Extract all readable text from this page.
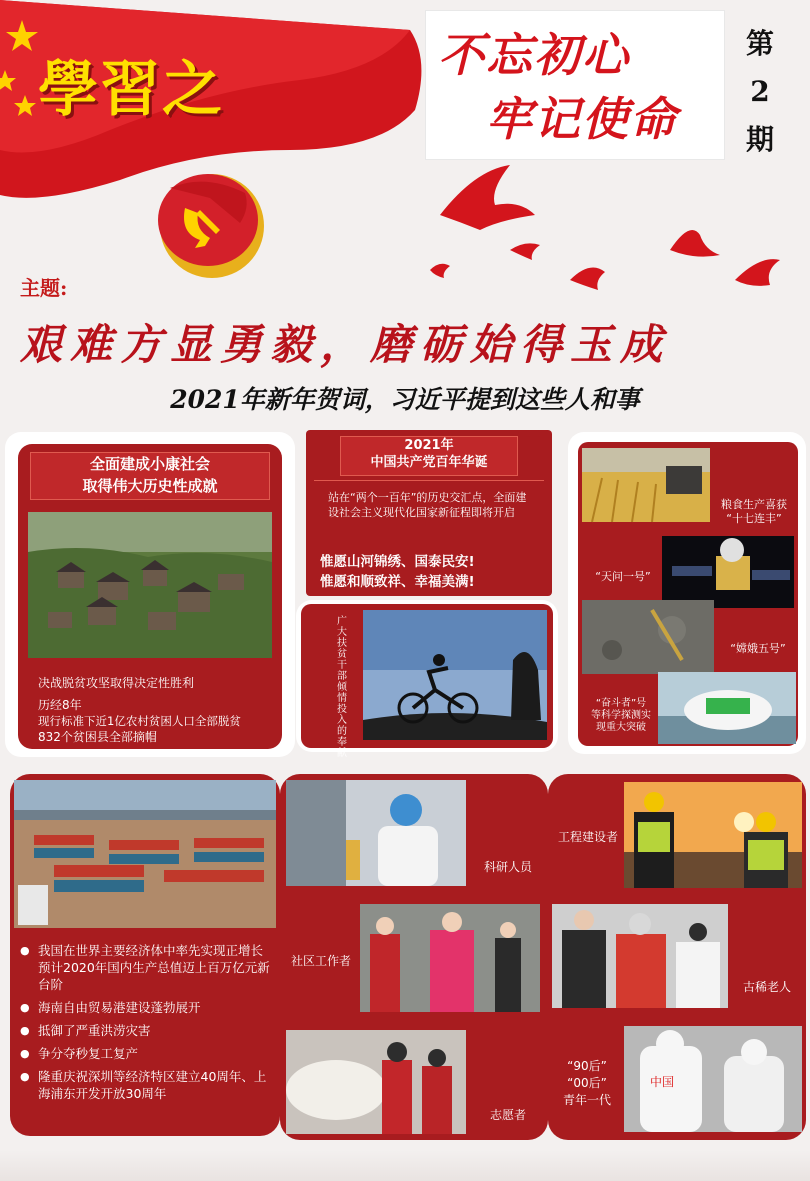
學習之	不忘初心
牢记使命
第
2
期
主题:
艰难方显勇毅，磨砺始得玉成
2021年新年贺词，习近平提到这些人和事
全面建成小康社会
取得伟大历史性成就
决战脱贫攻坚取得决定性胜利
历经8年
现行标准下近1亿农村贫困人口全部脱贫
832个贫困县全部摘帽
2021年
中国共产党百年华诞
站在“两个一百年”的历史交汇点，全面建设社会主义现代化国家新征程即将开启
惟愿山河锦绣、国泰民安!
惟愿和顺致祥、幸福美满!
广大扶贫干部倾情投入的奉献
粮食生产喜获
“十七连丰”
“天问一号”
“嫦娥五号”
“奋斗者”号
等科学探测实
现重大突破
● 我国在世界主要经济体中率先实现正增长
预计2020年国内生产总值迈上百万亿元新台阶
● 海南自由贸易港建设蓬勃展开
● 抵御了严重洪涝灾害
● 争分夺秒复工复产
● 隆重庆祝深圳等经济特区建立40周年、上海浦东开发开放30周年
科研人员
社区工作者
志愿者
工程建设者
古稀老人
中国
“90后”
“00后”
青年一代
